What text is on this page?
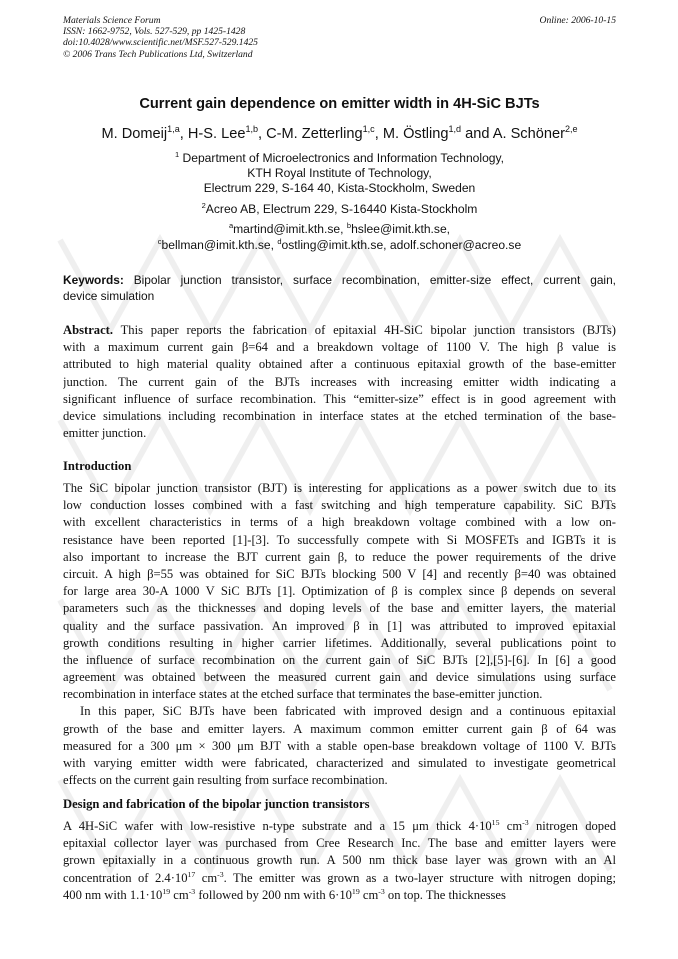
Materials Science Forum
ISSN: 1662-9752, Vols. 527-529, pp 1425-1428
doi:10.4028/www.scientific.net/MSF.527-529.1425
© 2006 Trans Tech Publications Ltd, Switzerland
Online: 2006-10-15
Current gain dependence on emitter width in 4H-SiC BJTs
M. Domeij$^{1,a}$, H-S. Lee$^{1,b}$, C-M. Zetterling$^{1,c}$, M. Östling$^{1,d}$ and A. Schöner$^{2,e}$
$^1$ Department of Microelectronics and Information Technology,
KTH Royal Institute of Technology,
Electrum 229, S-164 40, Kista-Stockholm, Sweden
$^2$Acreo AB, Electrum 229, S-16440 Kista-Stockholm
$^a$martind@imit.kth.se, $^b$hslee@imit.kth.se,
$^c$bellman@imit.kth.se, $^d$ostling@imit.kth.se, adolf.schoner@acreo.se
Keywords: Bipolar junction transistor, surface recombination, emitter-size effect, current gain,
device simulation
Abstract. This paper reports the fabrication of epitaxial 4H-SiC bipolar junction transistors (BJTs)
with a maximum current gain β=64 and a breakdown voltage of 1100 V. The high β value is
attributed to high material quality obtained after a continuous epitaxial growth of the base-emitter
junction. The current gain of the BJTs increases with increasing emitter width indicating a
significant influence of surface recombination. This “emitter-size” effect is in good agreement with
device simulations including recombination in interface states at the etched termination of the base-
emitter junction.
Introduction
The SiC bipolar junction transistor (BJT) is interesting for applications as a power switch due to its
low conduction losses combined with a fast switching and high temperature capability. SiC BJTs
with excellent characteristics in terms of a high breakdown voltage combined with a low on-
resistance have been reported [1]-[3]. To successfully compete with Si MOSFETs and IGBTs it is
also important to increase the BJT current gain β, to reduce the power requirements of the drive
circuit. A high β=55 was obtained for SiC BJTs blocking 500 V [4] and recently β=40 was obtained
for large area 30-A 1000 V SiC BJTs [1]. Optimization of β is complex since β depends on several
parameters such as the thicknesses and doping levels of the base and emitter layers, the material
quality and the surface passivation. An improved β in [1] was attributed to improved epitaxial
growth conditions resulting in higher carrier lifetimes. Additionally, several publications point to
the influence of surface recombination on the current gain of SiC BJTs [2],[5]-[6]. In [6] a good
agreement was obtained between the measured current gain and device simulations using surface
recombination in interface states at the etched surface that terminates the base-emitter junction.
In this paper, SiC BJTs have been fabricated with improved design and a continuous epitaxial
growth of the base and emitter layers. A maximum common emitter current gain β of 64 was
measured for a 300 μm × 300 μm BJT with a stable open-base breakdown voltage of 1100 V. BJTs
with varying emitter width were fabricated, characterized and simulated to investigate geometrical
effects on the current gain resulting from surface recombination.
Design and fabrication of the bipolar junction transistors
A 4H-SiC wafer with low-resistive n-type substrate and a 15 μm thick $4\cdot 10^{15}$ $cm^{-3}$ nitrogen doped
epitaxial collector layer was purchased from Cree Research Inc. The base and emitter layers were
grown epitaxially in a continuous growth run. A 500 nm thick base layer was grown with an Al
concentration of $2.4\cdot 10^{17}$ $cm^{-3}$. The emitter was grown as a two-layer structure with nitrogen doping;
400 nm with $1.1\cdot 10^{19}$ $cm^{-3}$ followed by 200 nm with $6\cdot 10^{19}$ $cm^{-3}$ on top. The thicknesses
